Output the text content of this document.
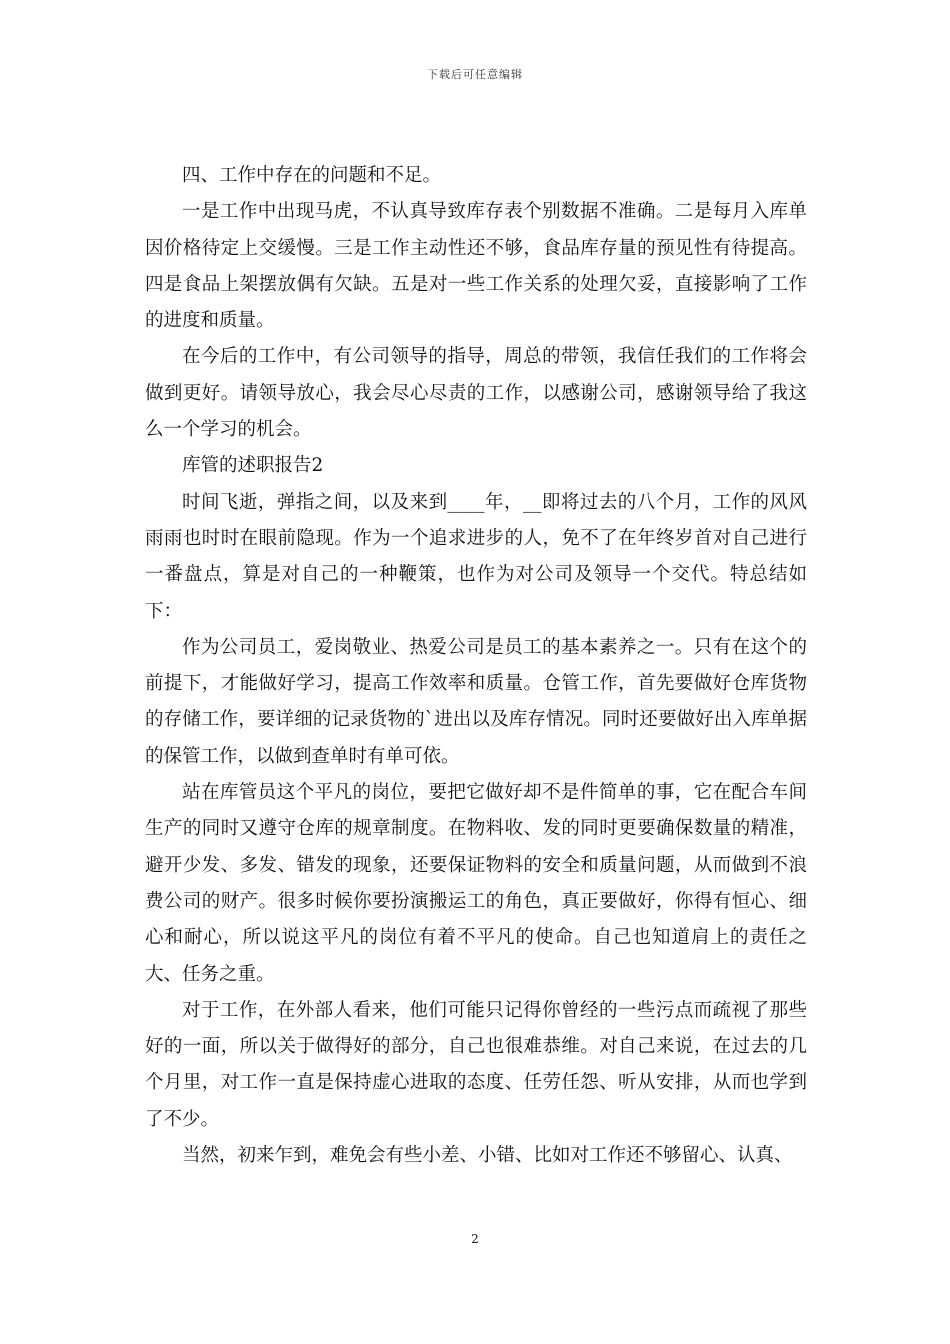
下载后可任意编辑

四、工作中存在的问题和不足。

一是工作中出现马虎，不认真导致库存表个别数据不准确。二是每月入库单因价格待定上交缓慢。三是工作主动性还不够，食品库存量的预见性有待提高。四是食品上架摆放偶有欠缺。五是对一些工作关系的处理欠妥，直接影响了工作的进度和质量。

在今后的工作中，有公司领导的指导，周总的带领，我信任我们的工作将会做到更好。请领导放心，我会尽心尽责的工作，以感谢公司，感谢领导给了我这么一个学习的机会。

库管的述职报告2

时间飞逝，弹指之间，以及来到____年，__即将过去的八个月，工作的风风雨雨也时时在眼前隐现。作为一个追求进步的人，免不了在年终岁首对自己进行一番盘点，算是对自己的一种鞭策，也作为对公司及领导一个交代。特总结如下：

作为公司员工，爱岗敬业、热爱公司是员工的基本素养之一。只有在这个的前提下，才能做好学习，提高工作效率和质量。仓管工作，首先要做好仓库货物的存储工作，要详细的记录货物的`进出以及库存情况。同时还要做好出入库单据的保管工作，以做到查单时有单可依。

站在库管员这个平凡的岗位，要把它做好却不是件简单的事，它在配合车间生产的同时又遵守仓库的规章制度。在物料收、发的同时更要确保数量的精准，避开少发、多发、错发的现象，还要保证物料的安全和质量问题，从而做到不浪费公司的财产。很多时候你要扮演搬运工的角色，真正要做好，你得有恒心、细心和耐心，所以说这平凡的岗位有着不平凡的使命。自己也知道肩上的责任之大、任务之重。

对于工作，在外部人看来，他们可能只记得你曾经的一些污点而疏视了那些好的一面，所以关于做得好的部分，自己也很难恭维。对自己来说，在过去的几个月里，对工作一直是保持虚心进取的态度、任劳任怨、听从安排，从而也学到了不少。

当然，初来乍到，难免会有些小差、小错、比如对工作还不够留心、认真、

2
